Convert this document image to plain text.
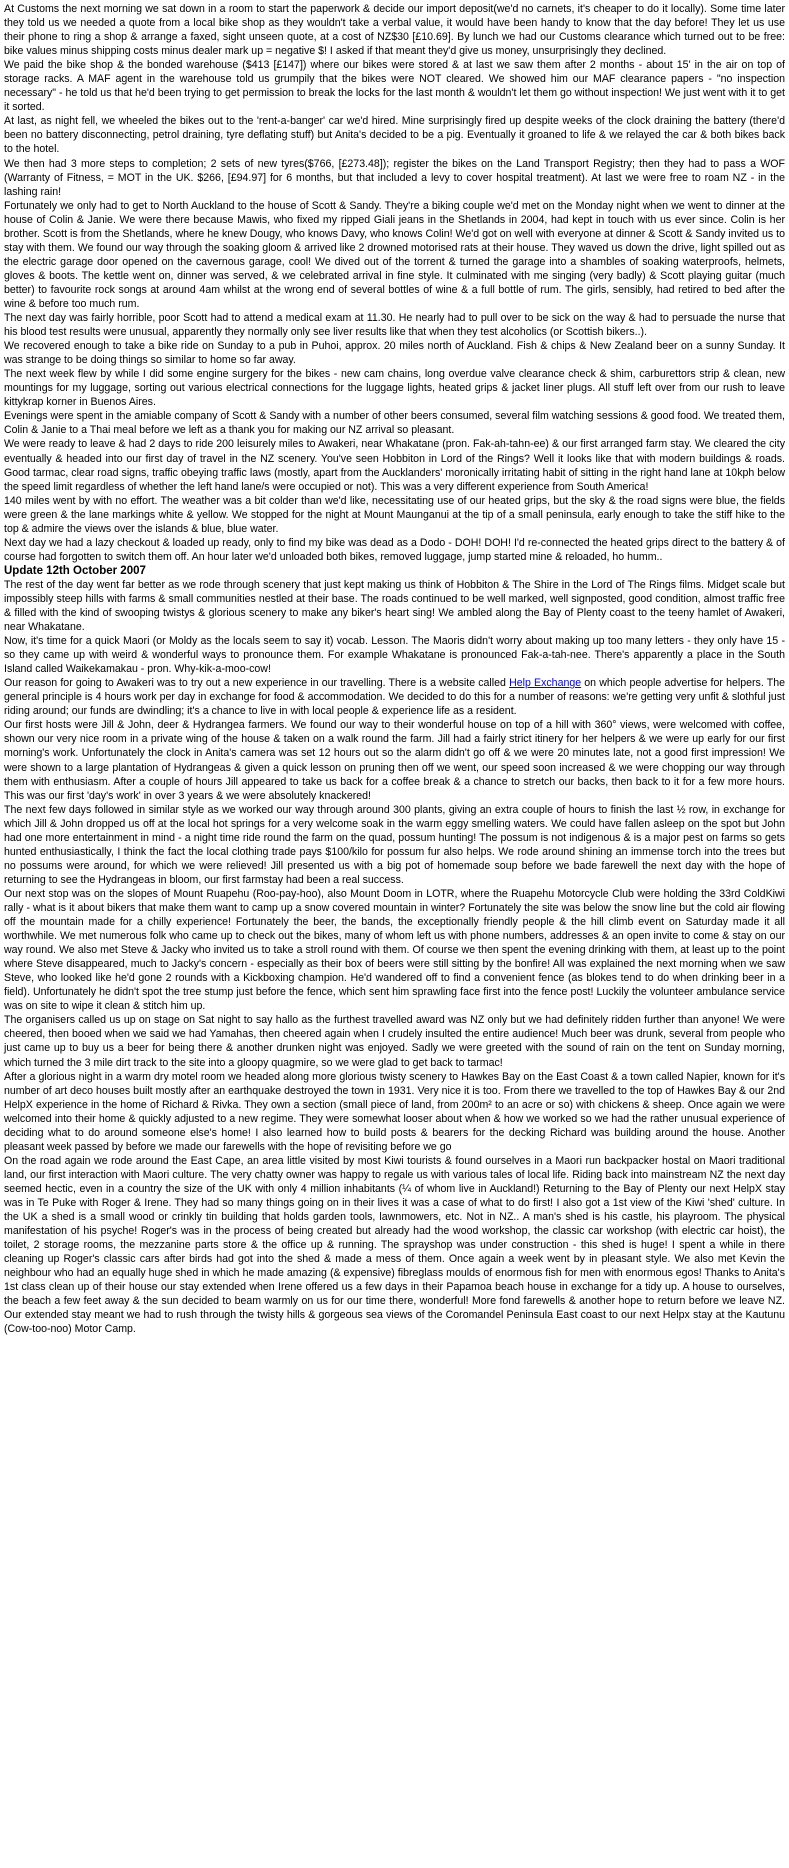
At Customs the next morning we sat down in a room to start the paperwork & decide our import deposit(we'd no carnets, it's cheaper to do it locally). Some time later they told us we needed a quote from a local bike shop as they wouldn't take a verbal value, it would have been handy to know that the day before! They let us use their phone to ring a shop & arrange a faxed, sight unseen quote, at a cost of NZ$30 [£10.69]. By lunch we had our Customs clearance which turned out to be free: bike values minus shipping costs minus dealer mark up = negative $! I asked if that meant they'd give us money, unsurprisingly they declined.

We paid the bike shop & the bonded warehouse ($413 [£147]) where our bikes were stored & at last we saw them after 2 months - about 15' in the air on top of storage racks. A MAF agent in the warehouse told us grumpily that the bikes were NOT cleared. We showed him our MAF clearance papers - "no inspection necessary" - he told us that he'd been trying to get permission to break the locks for the last month & wouldn't let them go without inspection! We just went with it to get it sorted.

At last, as night fell, we wheeled the bikes out to the 'rent-a-banger' car we'd hired. Mine surprisingly fired up despite weeks of the clock draining the battery (there'd been no battery disconnecting, petrol draining, tyre deflating stuff) but Anita's decided to be a pig. Eventually it groaned to life & we relayed the car & both bikes back to the hotel.

We then had 3 more steps to completion; 2 sets of new tyres($766, [£273.48]); register the bikes on the Land Transport Registry; then they had to pass a WOF (Warranty of Fitness, = MOT in the UK. $266, [£94.97] for 6 months, but that included a levy to cover hospital treatment). At last we were free to roam NZ - in the lashing rain!

Fortunately we only had to get to North Auckland to the house of Scott & Sandy. They're a biking couple we'd met on the Monday night when we went to dinner at the house of Colin & Janie. We were there because Mawis, who fixed my ripped Giali jeans in the Shetlands in 2004, had kept in touch with us ever since. Colin is her brother. Scott is from the Shetlands, where he knew Dougy, who knows Davy, who knows Colin! We'd got on well with everyone at dinner & Scott & Sandy invited us to stay with them. We found our way through the soaking gloom & arrived like 2 drowned motorised rats at their house. They waved us down the drive, light spilled out as the electric garage door opened on the cavernous garage, cool! We dived out of the torrent & turned the garage into a shambles of soaking waterproofs, helmets, gloves & boots. The kettle went on, dinner was served, & we celebrated arrival in fine style. It culminated with me singing (very badly) & Scott playing guitar (much better) to favourite rock songs at around 4am whilst at the wrong end of several bottles of wine & a full bottle of rum. The girls, sensibly, had retired to bed after the wine & before too much rum.

The next day was fairly horrible, poor Scott had to attend a medical exam at 11.30. He nearly had to pull over to be sick on the way & had to persuade the nurse that his blood test results were unusual, apparently they normally only see liver results like that when they test alcoholics (or Scottish bikers..).

We recovered enough to take a bike ride on Sunday to a pub in Puhoi, approx. 20 miles north of Auckland. Fish & chips & New Zealand beer on a sunny Sunday. It was strange to be doing things so similar to home so far away.

The next week flew by while I did some engine surgery for the bikes - new cam chains, long overdue valve clearance check & shim, carburettors strip & clean, new mountings for my luggage, sorting out various electrical connections for the luggage lights, heated grips & jacket liner plugs. All stuff left over from our rush to leave kittykrap korner in Buenos Aires.

Evenings were spent in the amiable company of Scott & Sandy with a number of other beers consumed, several film watching sessions & good food. We treated them, Colin & Janie to a Thai meal before we left as a thank you for making our NZ arrival so pleasant.

We were ready to leave & had 2 days to ride 200 leisurely miles to Awakeri, near Whakatane (pron. Fak-ah-tahn-ee) & our first arranged farm stay. We cleared the city eventually & headed into our first day of travel in the NZ scenery. You've seen Hobbiton in Lord of the Rings? Well it looks like that with modern buildings & roads. Good tarmac, clear road signs, traffic obeying traffic laws (mostly, apart from the Aucklanders' moronically irritating habit of sitting in the right hand lane at 10kph below the speed limit regardless of whether the left hand lane/s were occupied or not). This was a very different experience from South America!

140 miles went by with no effort. The weather was a bit colder than we'd like, necessitating use of our heated grips, but the sky & the road signs were blue, the fields were green & the lane markings white & yellow. We stopped for the night at Mount Maunganui at the tip of a small peninsula, early enough to take the stiff hike to the top & admire the views over the islands & blue, blue water.

Next day we had a lazy checkout & loaded up ready, only to find my bike was dead as a Dodo - DOH! DOH! I'd re-connected the heated grips direct to the battery & of course had forgotten to switch them off. An hour later we'd unloaded both bikes, removed luggage, jump started mine & reloaded, ho humm..

Update 12th October 2007

The rest of the day went far better as we rode through scenery that just kept making us think of Hobbiton & The Shire in the Lord of The Rings films. Midget scale but impossibly steep hills with farms & small communities nestled at their base. The roads continued to be well marked, well signposted, good condition, almost traffic free & filled with the kind of swooping twistys & glorious scenery to make any biker's heart sing! We ambled along the Bay of Plenty coast to the teeny hamlet of Awakeri, near Whakatane.

Now, it's time for a quick Maori (or Moldy as the locals seem to say it) vocab. Lesson. The Maoris didn't worry about making up too many letters - they only have 15 - so they came up with weird & wonderful ways to pronounce them. For example Whakatane is pronounced Fak-a-tah-nee. There's apparently a place in the South Island called Waikekamakau - pron. Why-kik-a-moo-cow!

Our reason for going to Awakeri was to try out a new experience in our travelling. There is a website called Help Exchange on which people advertise for helpers. The general principle is 4 hours work per day in exchange for food & accommodation. We decided to do this for a number of reasons: we're getting very unfit & slothful just riding around; our funds are dwindling; it's a chance to live in with local people & experience life as a resident.

Our first hosts were Jill & John, deer & Hydrangea farmers. We found our way to their wonderful house on top of a hill with 360° views, were welcomed with coffee, shown our very nice room in a private wing of the house & taken on a walk round the farm. Jill had a fairly strict itinery for her helpers & we were up early for our first morning's work. Unfortunately the clock in Anita's camera was set 12 hours out so the alarm didn't go off & we were 20 minutes late, not a good first impression! We were shown to a large plantation of Hydrangeas & given a quick lesson on pruning then off we went, our speed soon increased & we were chopping our way through them with enthusiasm. After a couple of hours Jill appeared to take us back for a coffee break & a chance to stretch our backs, then back to it for a few more hours. This was our first 'day's work' in over 3 years & we were absolutely knackered!

The next few days followed in similar style as we worked our way through around 300 plants, giving an extra couple of hours to finish the last ½ row, in exchange for which Jill & John dropped us off at the local hot springs for a very welcome soak in the warm eggy smelling waters. We could have fallen asleep on the spot but John had one more entertainment in mind - a night time ride round the farm on the quad, possum hunting! The possum is not indigenous & is a major pest on farms so gets hunted enthusiastically, I think the fact the local clothing trade pays $100/kilo for possum fur also helps. We rode around shining an immense torch into the trees but no possums were around, for which we were relieved! Jill presented us with a big pot of homemade soup before we bade farewell the next day with the hope of returning to see the Hydrangeas in bloom, our first farmstay had been a real success.

Our next stop was on the slopes of Mount Ruapehu (Roo-pay-hoo), also Mount Doom in LOTR, where the Ruapehu Motorcycle Club were holding the 33rd ColdKiwi rally - what is it about bikers that make them want to camp up a snow covered mountain in winter? Fortunately the site was below the snow line but the cold air flowing off the mountain made for a chilly experience! Fortunately the beer, the bands, the exceptionally friendly people & the hill climb event on Saturday made it all worthwhile. We met numerous folk who came up to check out the bikes, many of whom left us with phone numbers, addresses & an open invite to come & stay on our way round. We also met Steve & Jacky who invited us to take a stroll round with them. Of course we then spent the evening drinking with them, at least up to the point where Steve disappeared, much to Jacky's concern - especially as their box of beers were still sitting by the bonfire! All was explained the next morning when we saw Steve, who looked like he'd gone 2 rounds with a Kickboxing champion. He'd wandered off to find a convenient fence (as blokes tend to do when drinking beer in a field). Unfortunately he didn't spot the tree stump just before the fence, which sent him sprawling face first into the fence post! Luckily the volunteer ambulance service was on site to wipe it clean & stitch him up.

The organisers called us up on stage on Sat night to say hallo as the furthest travelled award was NZ only but we had definitely ridden further than anyone! We were cheered, then booed when we said we had Yamahas, then cheered again when I crudely insulted the entire audience! Much beer was drunk, several from people who just came up to buy us a beer for being there & another drunken night was enjoyed. Sadly we were greeted with the sound of rain on the tent on Sunday morning, which turned the 3 mile dirt track to the site into a gloopy quagmire, so we were glad to get back to tarmac!

After a glorious night in a warm dry motel room we headed along more glorious twisty scenery to Hawkes Bay on the East Coast & a town called Napier, known for it's number of art deco houses built mostly after an earthquake destroyed the town in 1931. Very nice it is too. From there we travelled to the top of Hawkes Bay & our 2nd HelpX experience in the home of Richard & Rivka. They own a section (small piece of land, from 200m² to an acre or so) with chickens & sheep. Once again we were welcomed into their home & quickly adjusted to a new regime. They were somewhat looser about when & how we worked so we had the rather unusual experience of deciding what to do around someone else's home! I also learned how to build posts & bearers for the decking Richard was building around the house. Another pleasant week passed by before we made our farewells with the hope of revisiting before we go

On the road again we rode around the East Cape, an area little visited by most Kiwi tourists & found ourselves in a Maori run backpacker hostal on Maori traditional land, our first interaction with Maori culture. The very chatty owner was happy to regale us with various tales of local life. Riding back into mainstream NZ the next day seemed hectic, even in a country the size of the UK with only 4 million inhabitants (¼ of whom live in Auckland!) Returning to the Bay of Plenty our next HelpX stay was in Te Puke with Roger & Irene. They had so many things going on in their lives it was a case of what to do first! I also got a 1st view of the Kiwi 'shed' culture. In the UK a shed is a small wood or crinkly tin building that holds garden tools, lawnmowers, etc. Not in NZ.. A man's shed is his castle, his playroom. The physical manifestation of his psyche! Roger's was in the process of being created but already had the wood workshop, the classic car workshop (with electric car hoist), the toilet, 2 storage rooms, the mezzanine parts store & the office up & running. The sprayshop was under construction - this shed is huge! I spent a while in there cleaning up Roger's classic cars after birds had got into the shed & made a mess of them. Once again a week went by in pleasant style. We also met Kevin the neighbour who had an equally huge shed in which he made amazing (& expensive) fibreglass moulds of enormous fish for men with enormous egos! Thanks to Anita's 1st class clean up of their house our stay extended when Irene offered us a few days in their Papamoa beach house in exchange for a tidy up. A house to ourselves, the beach a few feet away & the sun decided to beam warmly on us for our time there, wonderful! More fond farewells & another hope to return before we leave NZ. Our extended stay meant we had to rush through the twisty hills & gorgeous sea views of the Coromandel Peninsula East coast to our next Helpx stay at the Kautunu (Cow-too-noo) Motor Camp.
